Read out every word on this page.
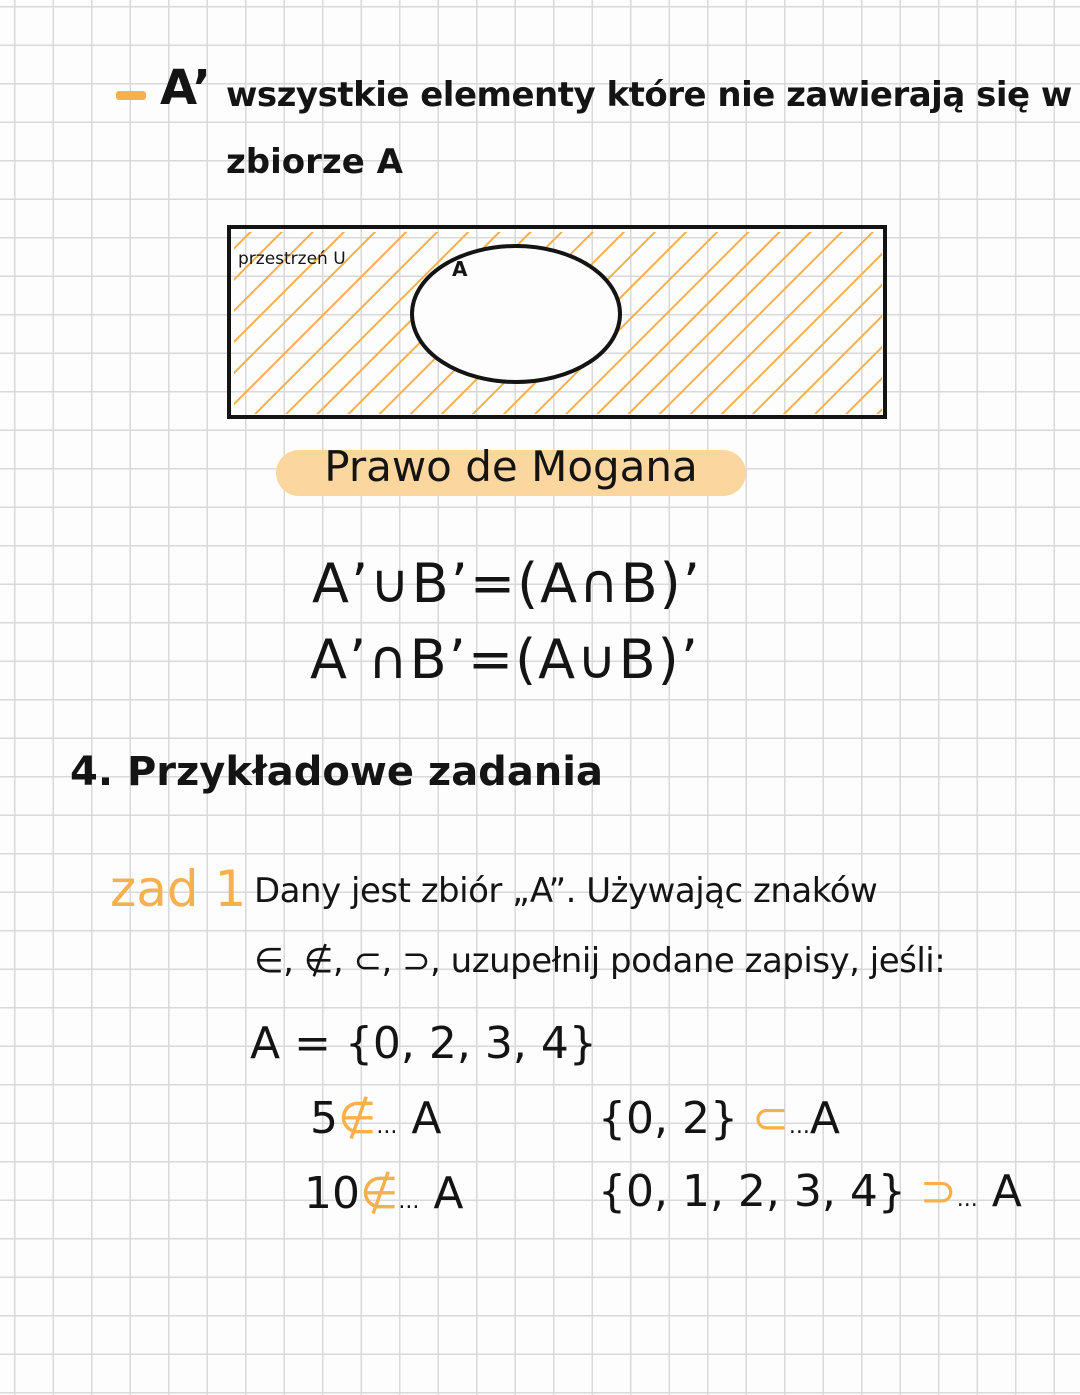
A’ wszystkie elementy które nie zawierają się w
zbiorze A
przestrzeń U	A
Prawo de Mogana
A’∪B’=(A∩B)’
A’∩B’=(A∪B)’
4. Przykładowe zadania
zad 1 Dany jest zbiór „A”. Używając znaków
∈, ∉, ⊂, ⊃, uzupełnij podane zapisy, jeśli:
A = {0, 2, 3, 4}
5∉... A
10∉... A
{0, 2} ⊂...A
{0, 1, 2, 3, 4} ⊃... A
